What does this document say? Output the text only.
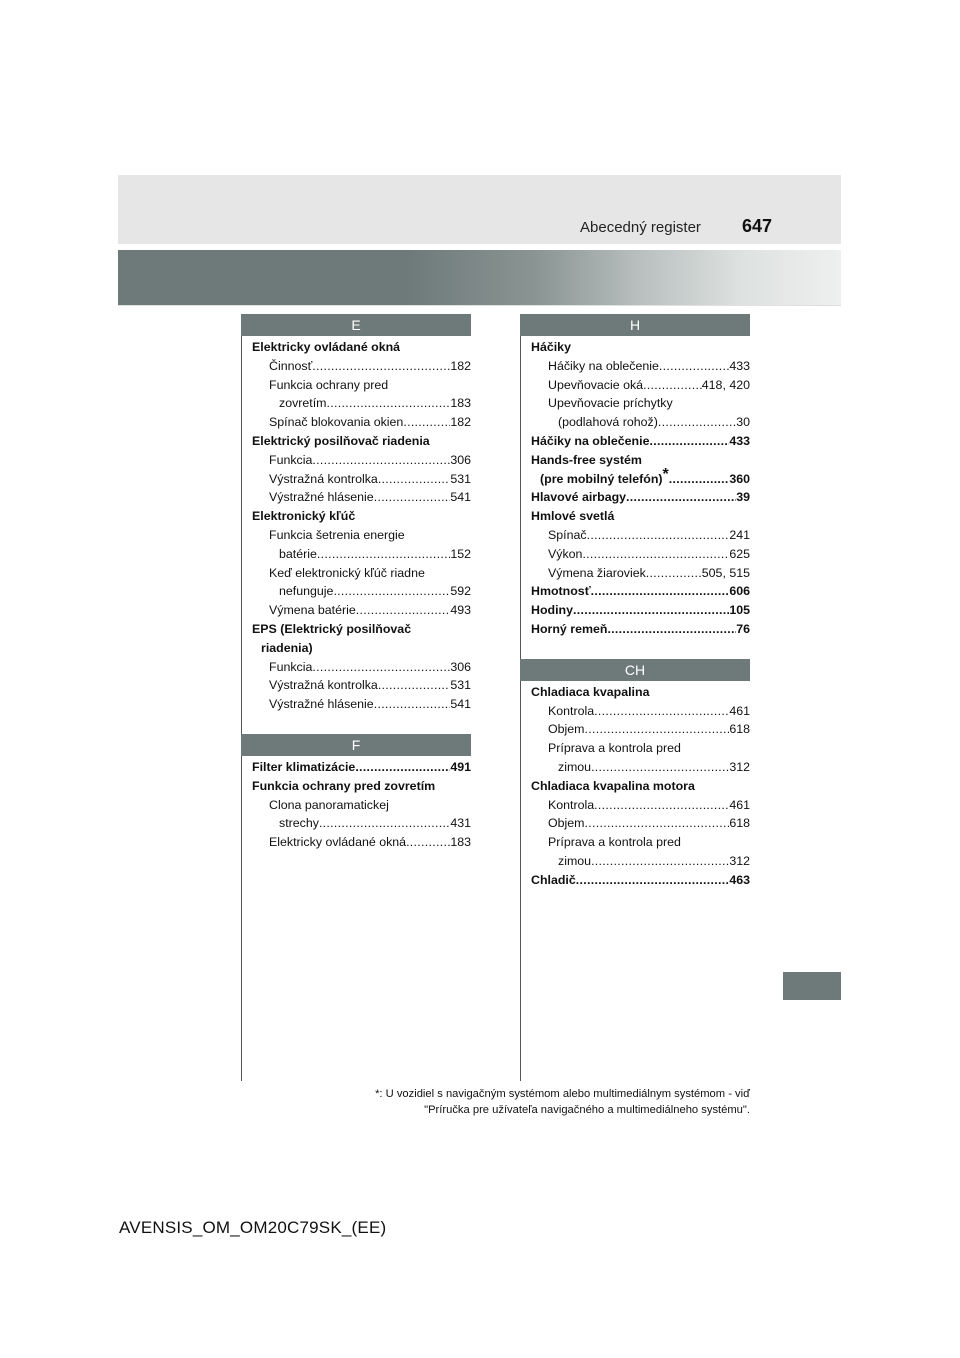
Abecedný register 647
E
Elektricky ovládané okná
Činnosť .....	182
Funkcia ochrany pred
zovretím .....	183
Spínač blokovania okien .....	182
Elektrický posilňovač riadenia
Funkcia .....	306
Výstražná kontrolka .....	531
Výstražné hlásenie .....	541
Elektronický kľúč
Funkcia šetrenia energie
batérie .....	152
Keď elektronický kľúč riadne
nefunguje .....	592
Výmena batérie .....	493
EPS (Elektrický posilňovač
riadenia)
Funkcia .....	306
Výstražná kontrolka .....	531
Výstražné hlásenie .....	541
F
Filter klimatizácie .....	491
Funkcia ochrany pred zovretím
Clona panoramatickej
strechy .....	431
Elektricky ovládané okná .....	183
H
Háčiky
Háčiky na oblečenie .....	433
Upevňovacie oká .....	418, 420
Upevňovacie príchytky
(podlahová rohož) .....	30
Háčiky na oblečenie .....	433
Hands-free systém
(pre mobilný telefón)* .....	360
Hlavové airbagy .....	39
Hmlové svetlá
Spínač .....	241
Výkon .....	625
Výmena žiaroviek .....	505, 515
Hmotnosť .....	606
Hodiny .....	105
Horný remeň .....	76
CH
Chladiaca kvapalina
Kontrola .....	461
Objem .....	618
Príprava a kontrola pred
zimou .....	312
Chladiaca kvapalina motora
Kontrola .....	461
Objem .....	618
Príprava a kontrola pred
zimou .....	312
Chladič .....	463
*: U vozidiel s navigačným systémom alebo multimediálnym systémom - viď
"Príručka pre užívateľa navigačného a multimediálneho systému".
AVENSIS_OM_OM20C79SK_(EE)
